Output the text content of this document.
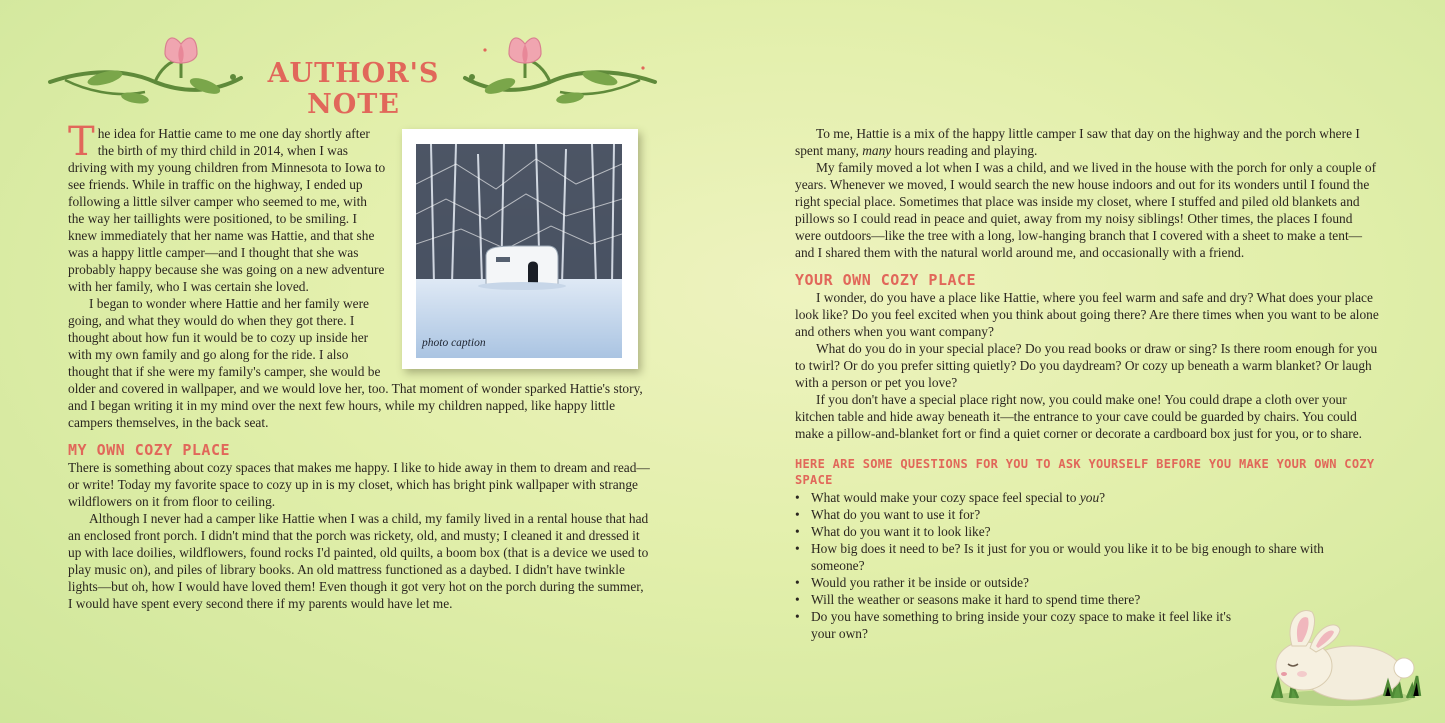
AUTHOR'S NOTE
photo caption

The idea for Hattie came to me one day shortly after the birth of my third child in 2014, when I was driving with my young children from Minnesota to Iowa to see friends. While in traffic on the highway, I ended up following a little silver camper who seemed to me, with the way her taillights were positioned, to be smiling. I knew immediately that her name was Hattie, and that she was a happy little camper—and I thought that she was probably happy because she was going on a new adventure with her family, who I was certain she loved.

I began to wonder where Hattie and her family were going, and what they would do when they got there. I thought about how fun it would be to cozy up inside her with my own family and go along for the ride. I also thought that if she were my family's camper, she would be older and covered in wallpaper, and we would love her, too. That moment of wonder sparked Hattie's story, and I began writing it in my mind over the next few hours, while my children napped, like happy little campers themselves, in the back seat.

MY OWN COZY PLACE

There is something about cozy spaces that makes me happy. I like to hide away in them to dream and read—or write! Today my favorite space to cozy up in is my closet, which has bright pink wallpaper with strange wildflowers on it from floor to ceiling.

Although I never had a camper like Hattie when I was a child, my family lived in a rental house that had an enclosed front porch. I didn't mind that the porch was rickety, old, and musty; I cleaned it and dressed it up with lace doilies, wildflowers, found rocks I'd painted, old quilts, a boom box (that is a device we used to play music on), and piles of library books. An old mattress functioned as a daybed. I didn't have twinkle lights—but oh, how I would have loved them! Even though it got very hot on the porch during the summer, I would have spent every second there if my parents would have let me.

To me, Hattie is a mix of the happy little camper I saw that day on the highway and the porch where I spent many, many hours reading and playing.

My family moved a lot when I was a child, and we lived in the house with the porch for only a couple of years. Whenever we moved, I would search the new house indoors and out for its wonders until I found the right special place. Sometimes that place was inside my closet, where I stuffed and piled old blankets and pillows so I could read in peace and quiet, away from my noisy siblings! Other times, the places I found were outdoors—like the tree with a long, low-hanging branch that I covered with a sheet to make a tent—and I shared them with the natural world around me, and occasionally with a friend.

YOUR OWN COZY PLACE

I wonder, do you have a place like Hattie, where you feel warm and safe and dry? What does your place look like? Do you feel excited when you think about going there? Are there times when you want to be alone and others when you want company?

What do you do in your special place? Do you read books or draw or sing? Is there room enough for you to twirl? Or do you prefer sitting quietly? Do you daydream? Or cozy up beneath a warm blanket? Or laugh with a person or pet you love?

If you don't have a special place right now, you could make one! You could drape a cloth over your kitchen table and hide away beneath it—the entrance to your cave could be guarded by chairs. You could make a pillow-and-blanket fort or find a quiet corner or decorate a cardboard box just for you, or to share.

HERE ARE SOME QUESTIONS FOR YOU TO ASK YOURSELF BEFORE YOU MAKE YOUR OWN COZY SPACE
• What would make your cozy space feel special to you?
• What do you want to use it for?
• What do you want it to look like?
• How big does it need to be? Is it just for you or would you like it to be big enough to share with someone?
• Would you rather it be inside or outside?
• Will the weather or seasons make it hard to spend time there?
• Do you have something to bring inside your cozy space to make it feel like it's your own?
